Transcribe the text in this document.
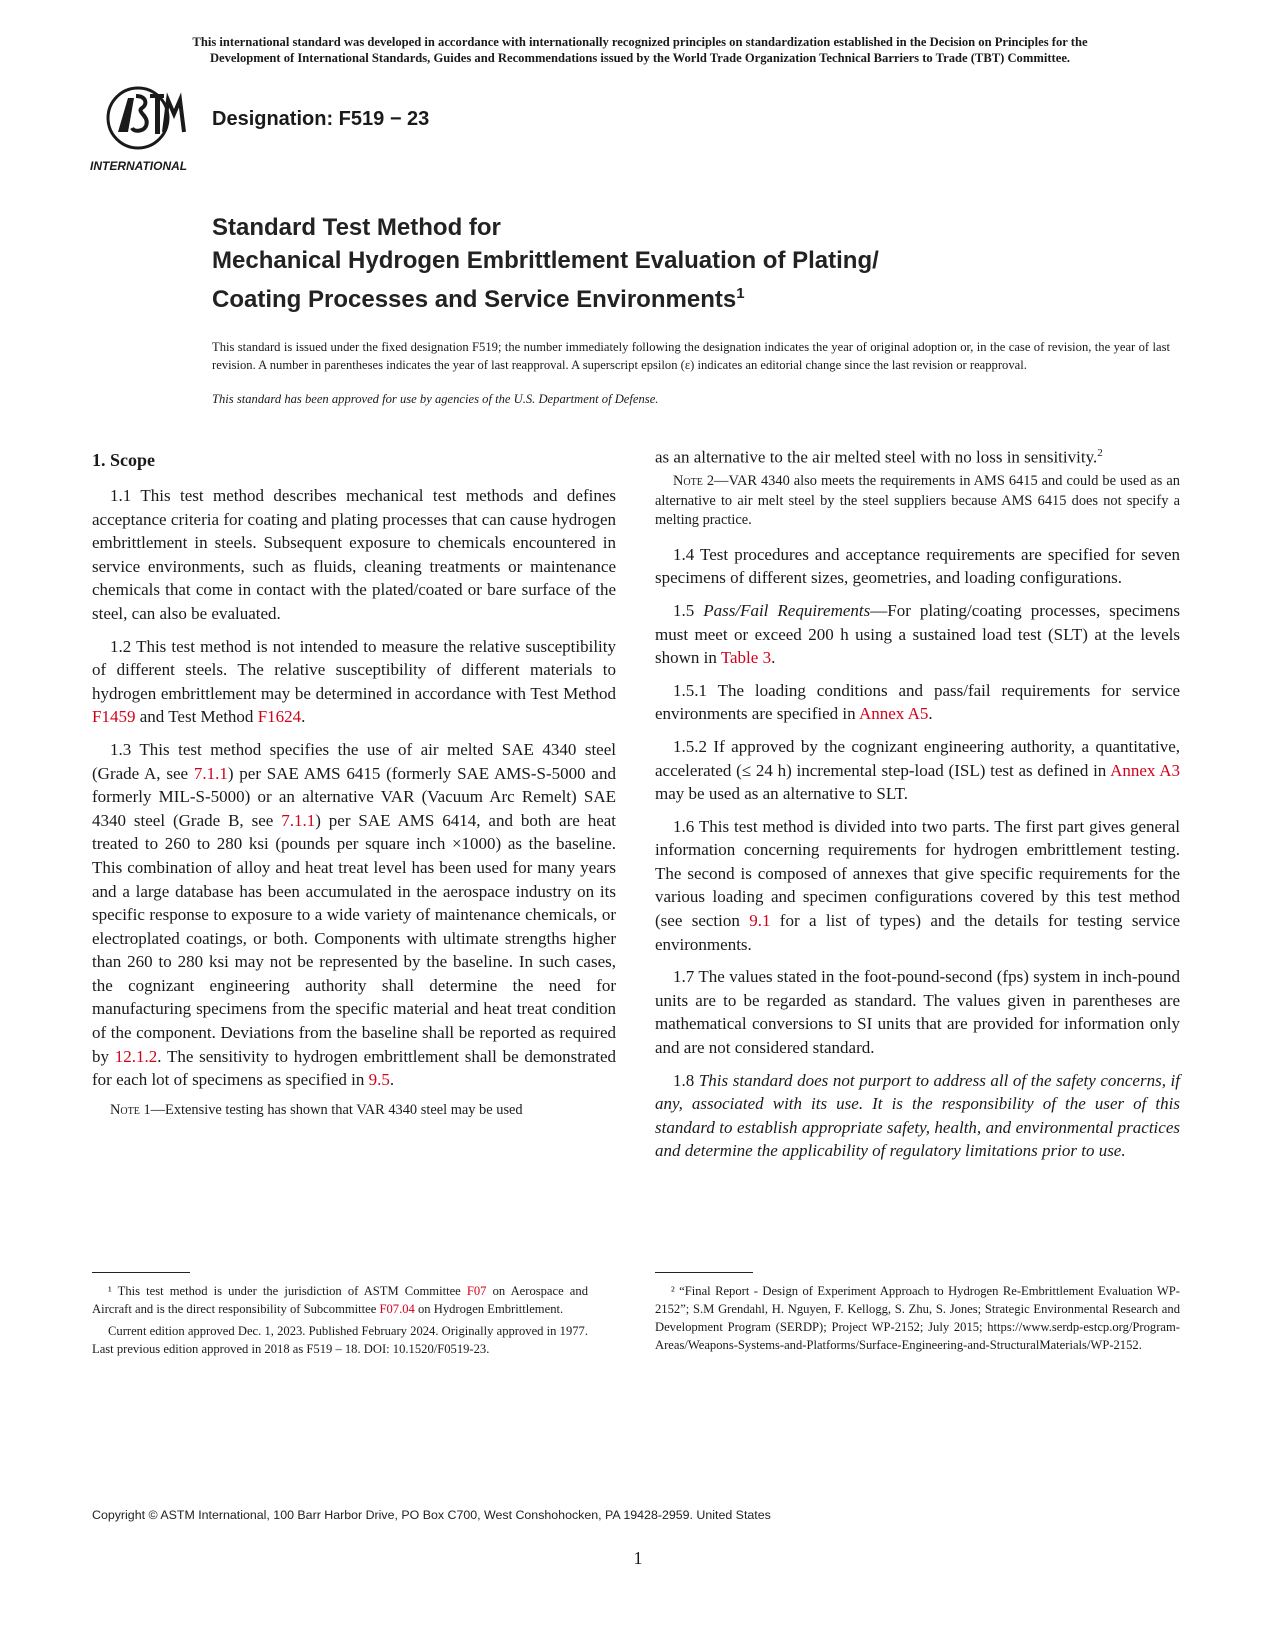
This international standard was developed in accordance with internationally recognized principles on standardization established in the Decision on Principles for the
Development of International Standards, Guides and Recommendations issued by the World Trade Organization Technical Barriers to Trade (TBT) Committee.
INTERNATIONAL
Designation: F519 − 23
Standard Test Method for
Mechanical Hydrogen Embrittlement Evaluation of Plating/
Coating Processes and Service Environments$^1$
This standard is issued under the fixed designation F519; the number immediately following the designation indicates the year of original adoption or, in the case of revision, the year of last revision. A number in parentheses indicates the year of last reapproval. A superscript epsilon (ε) indicates an editorial change since the last revision or reapproval.
This standard has been approved for use by agencies of the U.S. Department of Defense.
1. Scope

1.1 This test method describes mechanical test methods and defines acceptance criteria for coating and plating processes that can cause hydrogen embrittlement in steels. Subsequent exposure to chemicals encountered in service environments, such as fluids, cleaning treatments or maintenance chemicals that come in contact with the plated/coated or bare surface of the steel, can also be evaluated.

1.2 This test method is not intended to measure the relative susceptibility of different steels. The relative susceptibility of different materials to hydrogen embrittlement may be determined in accordance with Test Method F1459 and Test Method F1624.

1.3 This test method specifies the use of air melted SAE 4340 steel (Grade A, see 7.1.1) per SAE AMS 6415 (formerly SAE AMS-S-5000 and formerly MIL-S-5000) or an alternative VAR (Vacuum Arc Remelt) SAE 4340 steel (Grade B, see 7.1.1) per SAE AMS 6414, and both are heat treated to 260 to 280 ksi (pounds per square inch ×1000) as the baseline. This combination of alloy and heat treat level has been used for many years and a large database has been accumulated in the aerospace industry on its specific response to exposure to a wide variety of maintenance chemicals, or electroplated coatings, or both. Components with ultimate strengths higher than 260 to 280 ksi may not be represented by the baseline. In such cases, the cognizant engineering authority shall determine the need for manufacturing specimens from the specific material and heat treat condition of the component. Deviations from the baseline shall be reported as required by 12.1.2. The sensitivity to hydrogen embrittlement shall be demonstrated for each lot of specimens as specified in 9.5.

Note 1—Extensive testing has shown that VAR 4340 steel may be used

as an alternative to the air melted steel with no loss in sensitivity.$^2$

Note 2—VAR 4340 also meets the requirements in AMS 6415 and could be used as an alternative to air melt steel by the steel suppliers because AMS 6415 does not specify a melting practice.

1.4 Test procedures and acceptance requirements are specified for seven specimens of different sizes, geometries, and loading configurations.

1.5 Pass/Fail Requirements—For plating/coating processes, specimens must meet or exceed 200 h using a sustained load test (SLT) at the levels shown in Table 3.

1.5.1 The loading conditions and pass/fail requirements for service environments are specified in Annex A5.

1.5.2 If approved by the cognizant engineering authority, a quantitative, accelerated (≤ 24 h) incremental step-load (ISL) test as defined in Annex A3 may be used as an alternative to SLT.

1.6 This test method is divided into two parts. The first part gives general information concerning requirements for hydrogen embrittlement testing. The second is composed of annexes that give specific requirements for the various loading and specimen configurations covered by this test method (see section 9.1 for a list of types) and the details for testing service environments.

1.7 The values stated in the foot-pound-second (fps) system in inch-pound units are to be regarded as standard. The values given in parentheses are mathematical conversions to SI units that are provided for information only and are not considered standard.

1.8 This standard does not purport to address all of the safety concerns, if any, associated with its use. It is the responsibility of the user of this standard to establish appropriate safety, health, and environmental practices and determine the applicability of regulatory limitations prior to use.

¹ This test method is under the jurisdiction of ASTM Committee F07 on Aerospace and Aircraft and is the direct responsibility of Subcommittee F07.04 on Hydrogen Embrittlement.

Current edition approved Dec. 1, 2023. Published February 2024. Originally approved in 1977. Last previous edition approved in 2018 as F519 – 18. DOI: 10.1520/F0519-23.

² “Final Report - Design of Experiment Approach to Hydrogen Re-Embrittlement Evaluation WP-2152”; S.M Grendahl, H. Nguyen, F. Kellogg, S. Zhu, S. Jones; Strategic Environmental Research and Development Program (SERDP); Project WP-2152; July 2015; https://www.serdp-estcp.org/Program-Areas/Weapons-Systems-and-Platforms/Surface-Engineering-and-StructuralMaterials/WP-2152.

Copyright © ASTM International, 100 Barr Harbor Drive, PO Box C700, West Conshohocken, PA 19428-2959. United States
1
